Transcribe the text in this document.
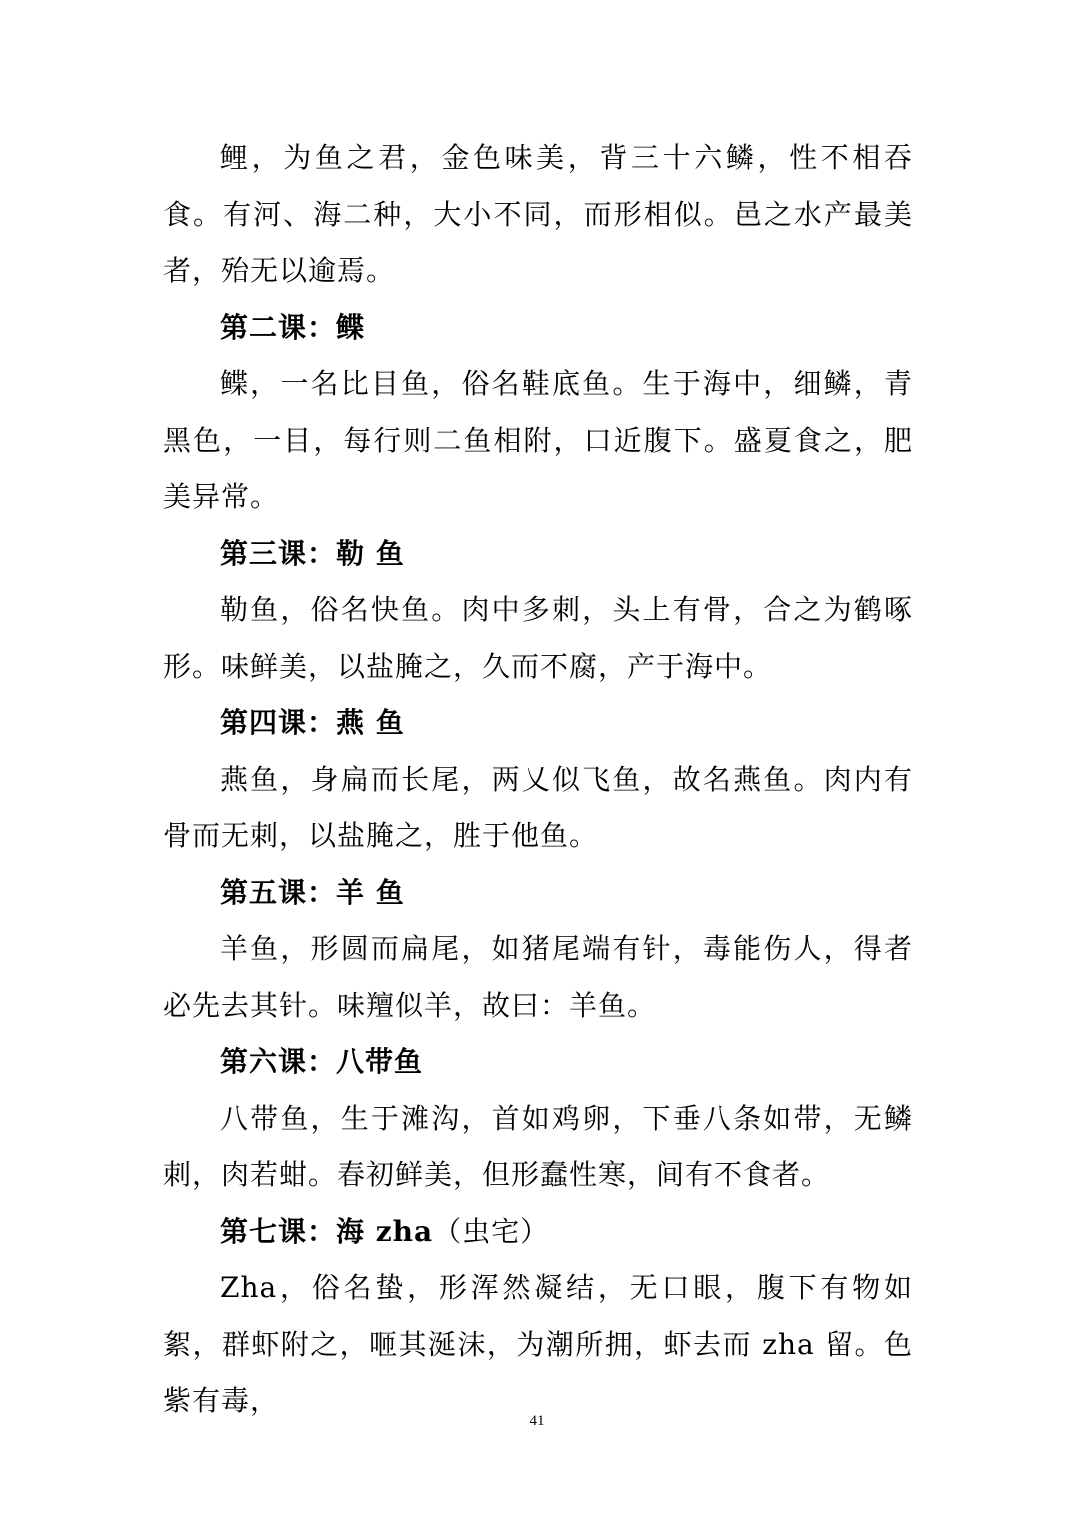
鲤，为鱼之君，金色味美，背三十六鳞，性不相吞食。有河、海二种，大小不同，而形相似。邑之水产最美者，殆无以逾焉。

第二课：鲽

鲽，一名比目鱼，俗名鞋底鱼。生于海中，细鳞，青黑色，一目，每行则二鱼相附，口近腹下。盛夏食之，肥美异常。

第三课：勒 鱼

勒鱼，俗名快鱼。肉中多刺，头上有骨，合之为鹤啄形。味鲜美，以盐腌之，久而不腐，产于海中。

第四课：燕 鱼

燕鱼，身扁而长尾，两乂似飞鱼，故名燕鱼。肉内有骨而无刺，以盐腌之，胜于他鱼。

第五课：羊 鱼

羊鱼，形圆而扁尾，如猪尾端有针，毒能伤人，得者必先去其针。味羶似羊，故曰：羊鱼。

第六课：八带鱼

八带鱼，生于滩沟，首如鸡卵，下垂八条如带，无鳞刺，肉若蚶。春初鲜美，但形蠢性寒，间有不食者。

第七课：海 zha（虫宅）

Zha，俗名蛰，形浑然凝结，无口眼，腹下有物如絮，群虾附之，咂其涎沫，为潮所拥，虾去而 zha 留。色紫有毒，

41
